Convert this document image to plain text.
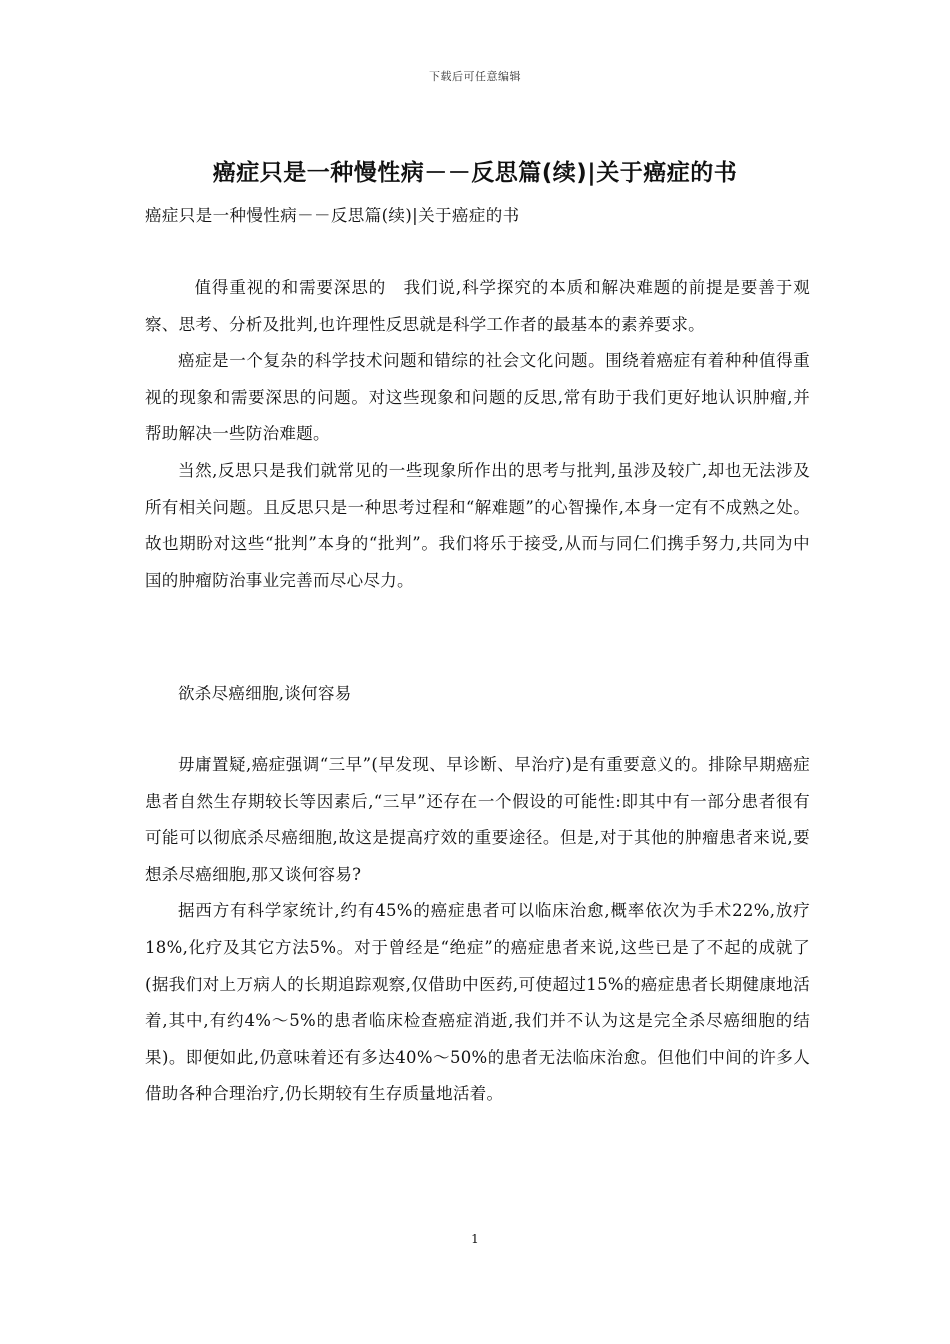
下载后可任意编辑
癌症只是一种慢性病－－反思篇(续)|关于癌症的书
癌症只是一种慢性病－－反思篇(续)|关于癌症的书

值得重视的和需要深思的　我们说,科学探究的本质和解决难题的前提是要善于观察、思考、分析及批判,也许理性反思就是科学工作者的最基本的素养要求。

癌症是一个复杂的科学技术问题和错综的社会文化问题。围绕着癌症有着种种值得重视的现象和需要深思的问题。对这些现象和问题的反思,常有助于我们更好地认识肿瘤,并帮助解决一些防治难题。

当然,反思只是我们就常见的一些现象所作出的思考与批判,虽涉及较广,却也无法涉及所有相关问题。且反思只是一种思考过程和“解难题”的心智操作,本身一定有不成熟之处。故也期盼对这些“批判”本身的“批判”。我们将乐于接受,从而与同仁们携手努力,共同为中国的肿瘤防治事业完善而尽心尽力。

欲杀尽癌细胞,谈何容易

毋庸置疑,癌症强调“三早”(早发现、早诊断、早治疗)是有重要意义的。排除早期癌症患者自然生存期较长等因素后,“三早”还存在一个假设的可能性:即其中有一部分患者很有可能可以彻底杀尽癌细胞,故这是提高疗效的重要途径。但是,对于其他的肿瘤患者来说,要想杀尽癌细胞,那又谈何容易?

据西方有科学家统计,约有45%的癌症患者可以临床治愈,概率依次为手术22%,放疗18%,化疗及其它方法5%。对于曾经是“绝症”的癌症患者来说,这些已是了不起的成就了(据我们对上万病人的长期追踪观察,仅借助中医药,可使超过15%的癌症患者长期健康地活着,其中,有约4%～5%的患者临床检查癌症消逝,我们并不认为这是完全杀尽癌细胞的结果)。即便如此,仍意味着还有多达40%～50%的患者无法临床治愈。但他们中间的许多人借助各种合理治疗,仍长期较有生存质量地活着。

1
